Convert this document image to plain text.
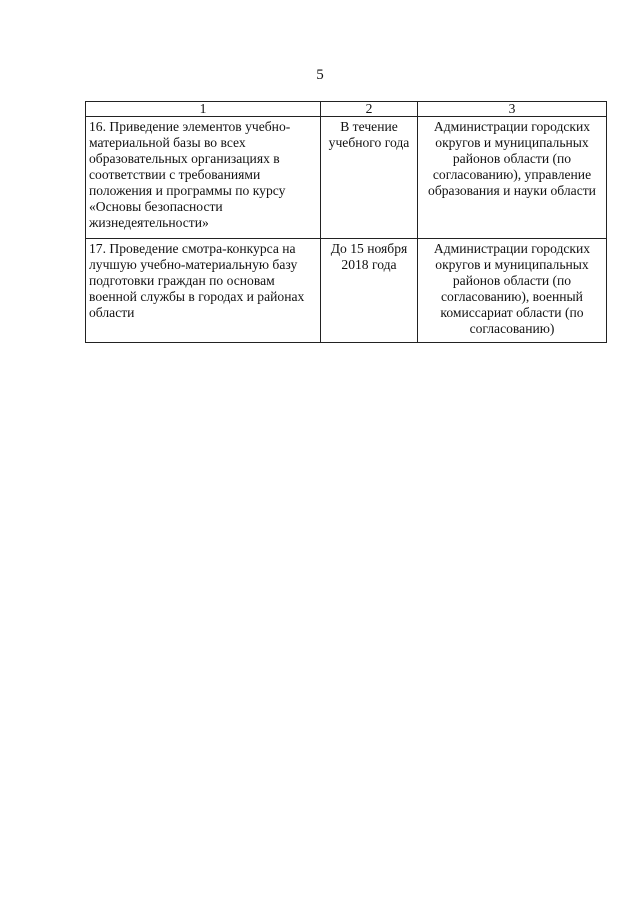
5
1	2	3

16. Приведение элементов учебно-материальной базы во всех образовательных организациях в соответствии с требованиями положения и программы по курсу «Основы безопасности жизнедеятельности»	В течение учебного года	Администрации городских округов и муниципальных районов области (по согласованию), управление образования и науки области

17. Проведение смотра-конкурса на лучшую учебно-материальную базу подготовки граждан по основам военной службы в городах и районах области	До 15 ноября 2018 года	Администрации городских округов и муниципальных районов области (по согласованию), военный комиссариат области (по согласованию)
